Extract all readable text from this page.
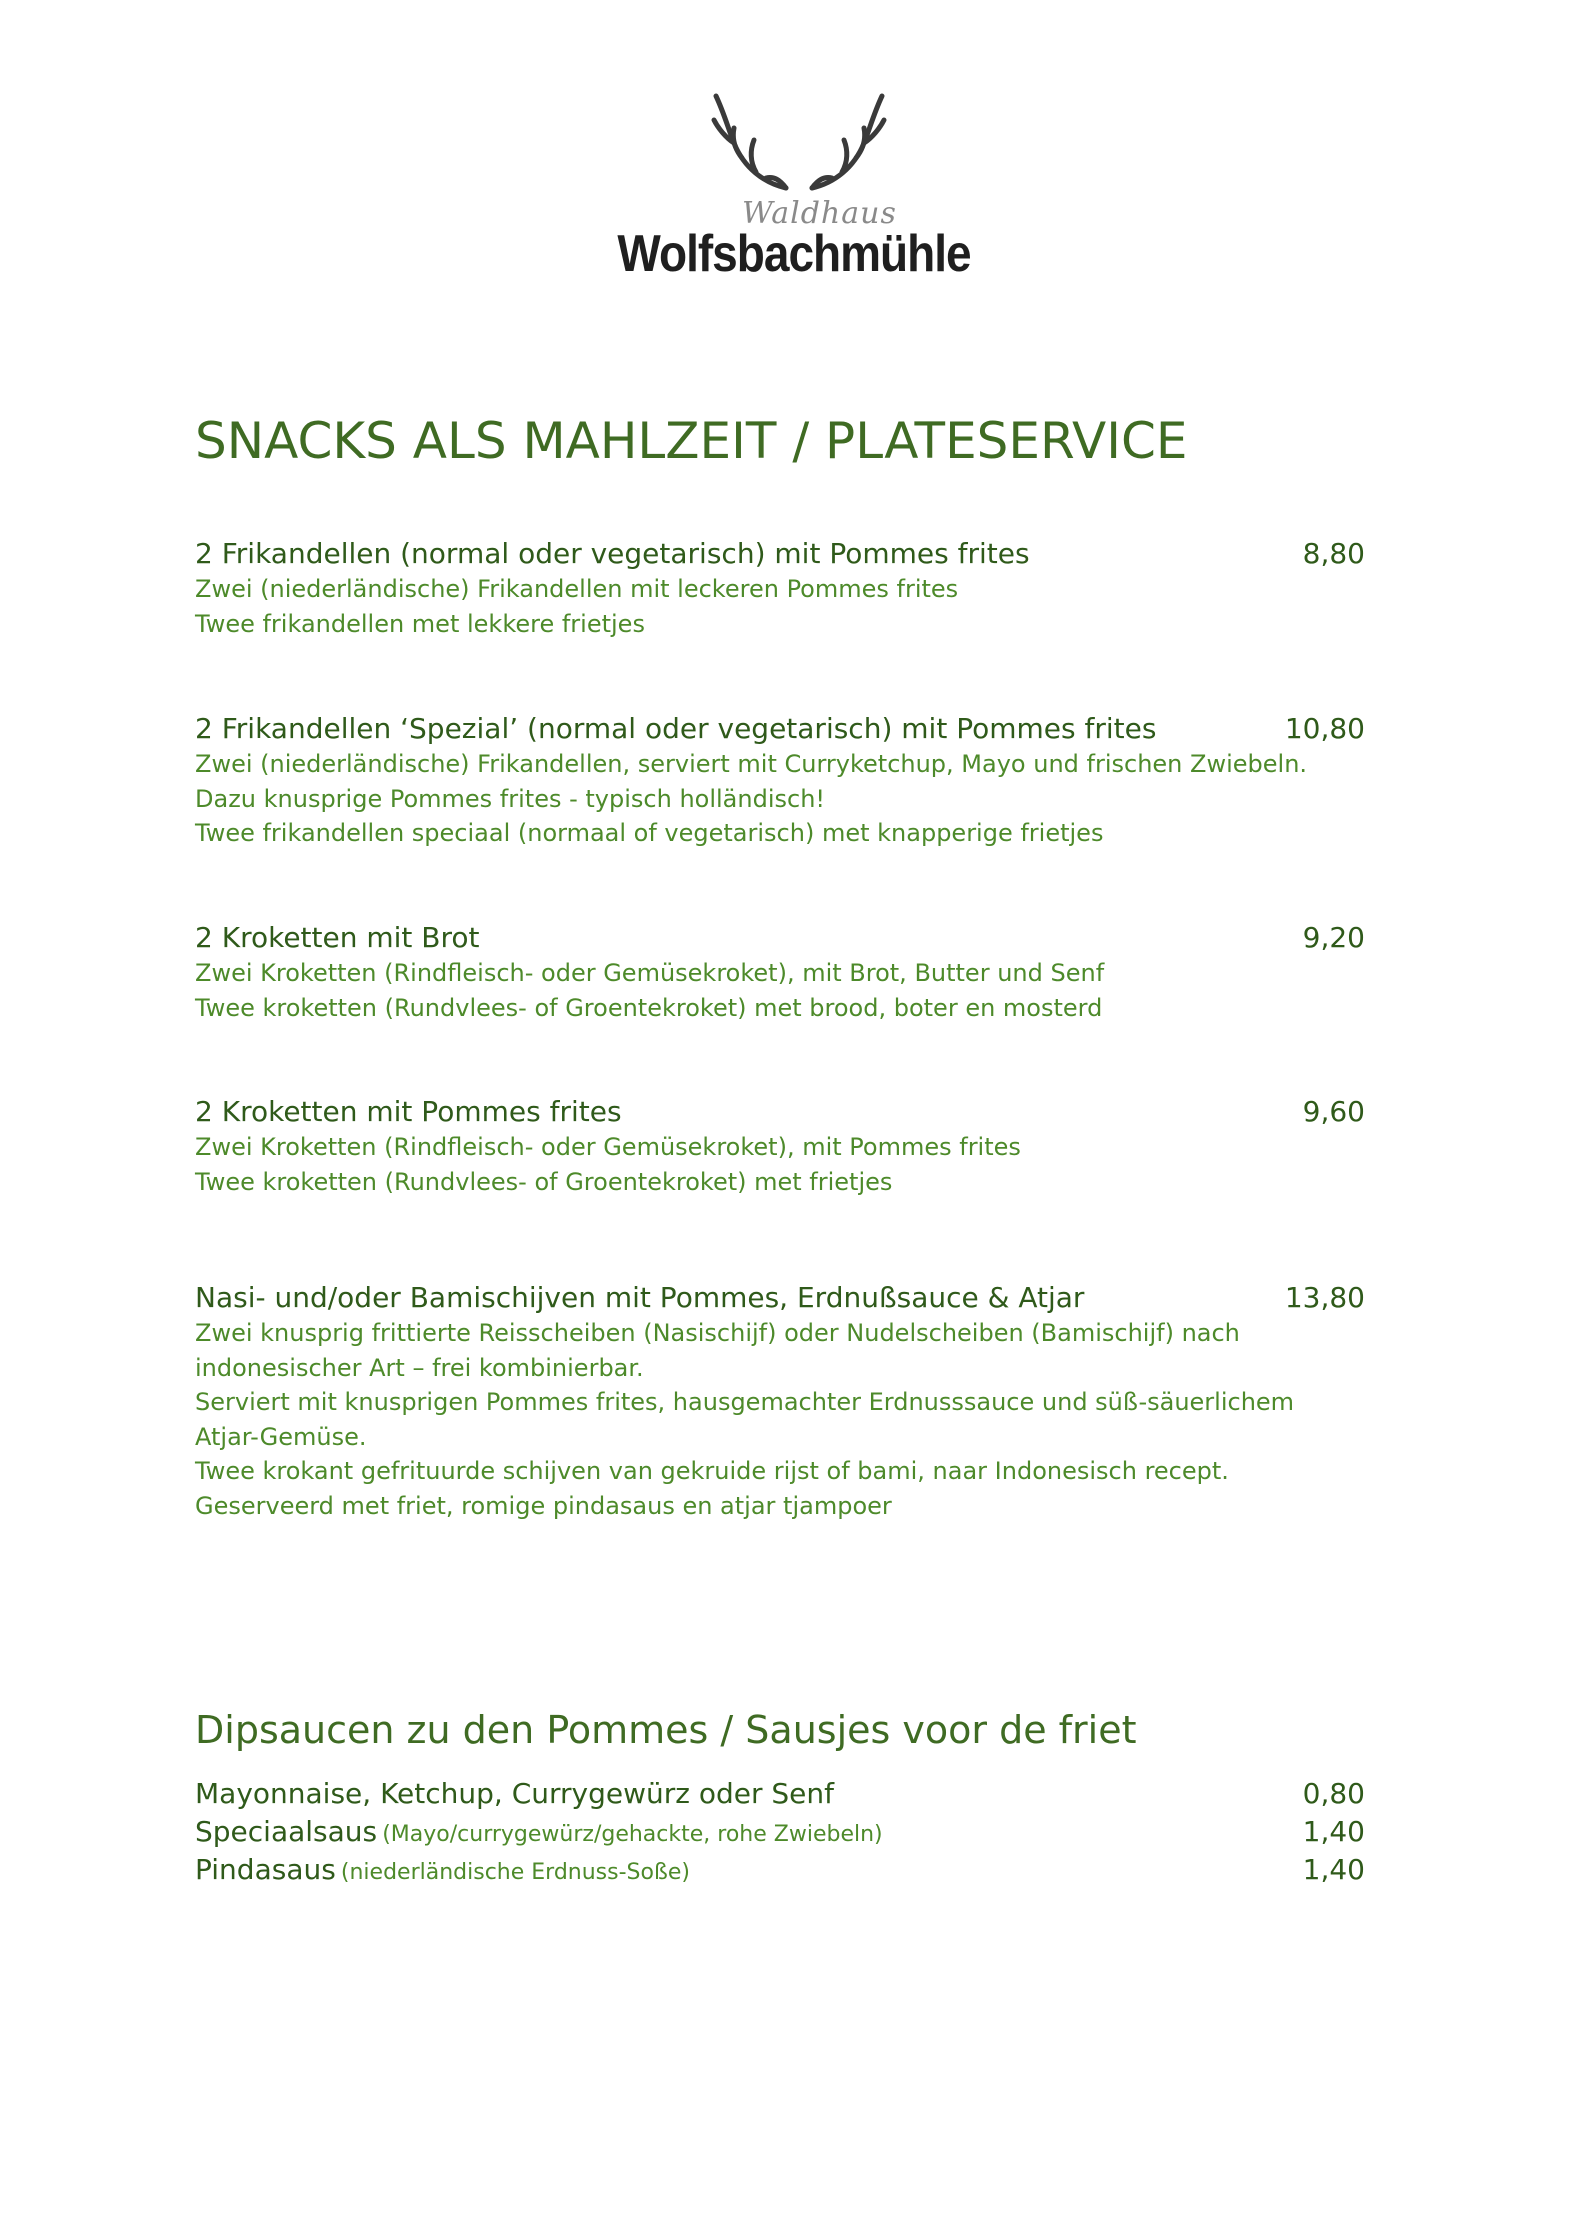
Waldhaus
Wolfsbachmühle
SNACKS ALS MAHLZEIT / PLATESERVICE
2 Frikandellen (normal oder vegetarisch) mit Pommes frites	8,80
Zwei (niederländische) Frikandellen mit leckeren Pommes frites
Twee frikandellen met lekkere frietjes
2 Frikandellen ‘Spezial’ (normal oder vegetarisch) mit Pommes frites	10,80
Zwei (niederländische) Frikandellen, serviert mit Curryketchup, Mayo und frischen Zwiebeln.
Dazu knusprige Pommes frites - typisch holländisch!
Twee frikandellen speciaal (normaal of vegetarisch) met knapperige frietjes
2 Kroketten mit Brot	9,20
Zwei Kroketten (Rindfleisch- oder Gemüsekroket), mit Brot, Butter und Senf
Twee kroketten (Rundvlees- of Groentekroket) met brood, boter en mosterd
2 Kroketten mit Pommes frites	9,60
Zwei Kroketten (Rindfleisch- oder Gemüsekroket), mit Pommes frites
Twee kroketten (Rundvlees- of Groentekroket) met frietjes
Nasi- und/oder Bamischijven mit Pommes, Erdnußsauce & Atjar	13,80
Zwei knusprig frittierte Reisscheiben (Nasischijf) oder Nudelscheiben (Bamischijf) nach
indonesischer Art – frei kombinierbar.
Serviert mit knusprigen Pommes frites, hausgemachter Erdnusssauce und süß-säuerlichem
Atjar-Gemüse.
Twee krokant gefrituurde schijven van gekruide rijst of bami, naar Indonesisch recept.
Geserveerd met friet, romige pindasaus en atjar tjampoer
Dipsaucen zu den Pommes / Sausjes voor de friet
Mayonnaise, Ketchup, Currygewürz oder Senf	0,80
Speciaalsaus (Mayo/currygewürz/gehackte, rohe Zwiebeln)	1,40
Pindasaus (niederländische Erdnuss-Soße)	1,40
